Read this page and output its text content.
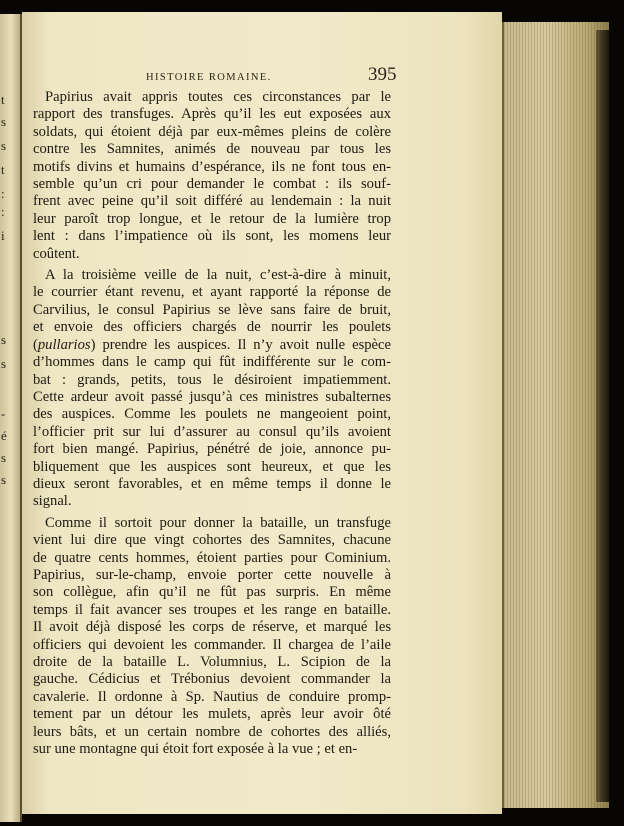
t
s
s
t
:
:
i
s
s
-
é
s
s
HISTOIRE ROMAINE.	395
Papirius avait appris toutes ces circonstances par le
rapport des transfuges. Après qu’il les eut exposées aux
soldats, qui étoient déjà par eux-mêmes pleins de colère
contre les Samnites, animés de nouveau par tous les
motifs divins et humains d’espérance, ils ne font tous en-
semble qu’un cri pour demander le combat : ils souf-
frent avec peine qu’il soit différé au lendemain : la nuit
leur paroît trop longue, et le retour de la lumière trop
lent : dans l’impatience où ils sont, les momens leur
coûtent.
A la troisième veille de la nuit, c’est-à-dire à minuit,
le courrier étant revenu, et ayant rapporté la réponse de
Carvilius, le consul Papirius se lève sans faire de bruit,
et envoie des officiers chargés de nourrir les poulets
(pullarios) prendre les auspices. Il n’y avoit nulle espèce
d’hommes dans le camp qui fût indifférente sur le com-
bat : grands, petits, tous le désiroient impatiemment.
Cette ardeur avoit passé jusqu’à ces ministres subalternes
des auspices. Comme les poulets ne mangeoient point,
l’officier prit sur lui d’assurer au consul qu’ils avoient
fort bien mangé. Papirius, pénétré de joie, annonce pu-
bliquement que les auspices sont heureux, et que les
dieux seront favorables, et en même temps il donne le
signal.
Comme il sortoit pour donner la bataille, un transfuge
vient lui dire que vingt cohortes des Samnites, chacune
de quatre cents hommes, étoient parties pour Cominium.
Papirius, sur-le-champ, envoie porter cette nouvelle à
son collègue, afin qu’il ne fût pas surpris. En même
temps il fait avancer ses troupes et les range en bataille.
Il avoit déjà disposé les corps de réserve, et marqué les
officiers qui devoient les commander. Il chargea de l’aile
droite de la bataille L. Volumnius, L. Scipion de la
gauche. Cédicius et Trébonius devoient commander la
cavalerie. Il ordonne à Sp. Nautius de conduire promp-
tement par un détour les mulets, après leur avoir ôté
leurs bâts, et un certain nombre de cohortes des alliés,
sur une montagne qui étoit fort exposée à la vue ; et en-
